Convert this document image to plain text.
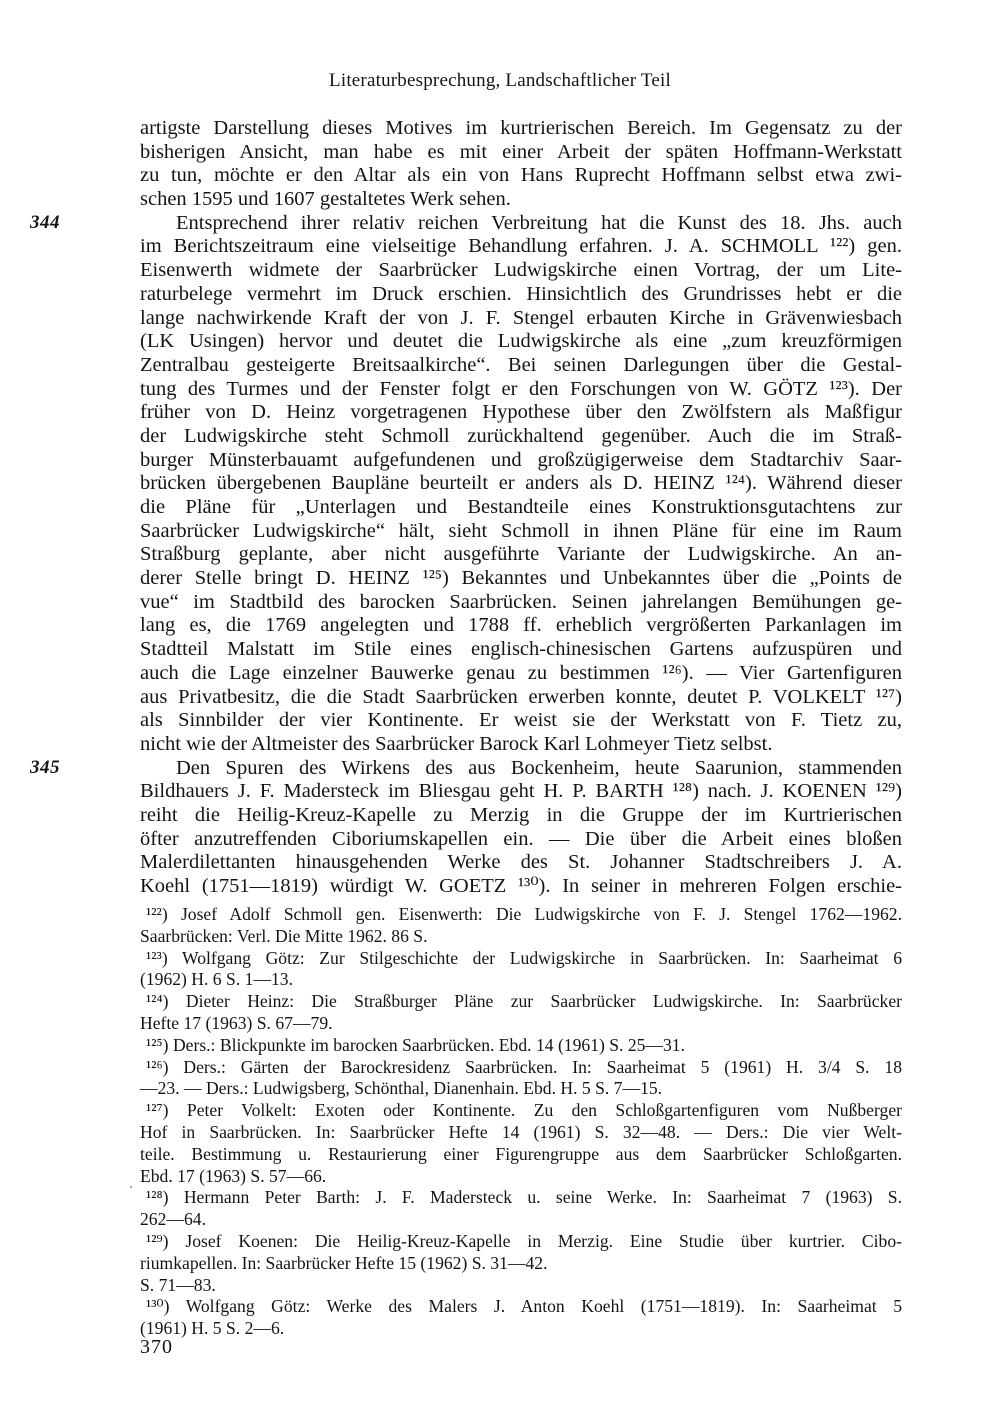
Literaturbesprechung, Landschaftlicher Teil
artigste Darstellung dieses Motives im kurtrierischen Bereich. Im Gegensatz zu der
bisherigen Ansicht, man habe es mit einer Arbeit der späten Hoffmann-Werkstatt
zu tun, möchte er den Altar als ein von Hans Ruprecht Hoffmann selbst etwa zwi-
schen 1595 und 1607 gestaltetes Werk sehen.
344	Entsprechend ihrer relativ reichen Verbreitung hat die Kunst des 18. Jhs. auch
im Berichtszeitraum eine vielseitige Behandlung erfahren. J. A. SCHMOLL ¹²²) gen.
Eisenwerth widmete der Saarbrücker Ludwigskirche einen Vortrag, der um Lite-
raturbelege vermehrt im Druck erschien. Hinsichtlich des Grundrisses hebt er die
lange nachwirkende Kraft der von J. F. Stengel erbauten Kirche in Grävenwiesbach
(LK Usingen) hervor und deutet die Ludwigskirche als eine „zum kreuzförmigen
Zentralbau gesteigerte Breitsaalkirche“. Bei seinen Darlegungen über die Gestal-
tung des Turmes und der Fenster folgt er den Forschungen von W. GÖTZ ¹²³). Der
früher von D. Heinz vorgetragenen Hypothese über den Zwölfstern als Maßfigur
der Ludwigskirche steht Schmoll zurückhaltend gegenüber. Auch die im Straß-
burger Münsterbauamt aufgefundenen und großzügigerweise dem Stadtarchiv Saar-
brücken übergebenen Baupläne beurteilt er anders als D. HEINZ ¹²⁴). Während dieser
die Pläne für „Unterlagen und Bestandteile eines Konstruktionsgutachtens zur
Saarbrücker Ludwigskirche“ hält, sieht Schmoll in ihnen Pläne für eine im Raum
Straßburg geplante, aber nicht ausgeführte Variante der Ludwigskirche. An an-
derer Stelle bringt D. HEINZ ¹²⁵) Bekanntes und Unbekanntes über die „Points de
vue“ im Stadtbild des barocken Saarbrücken. Seinen jahrelangen Bemühungen ge-
lang es, die 1769 angelegten und 1788 ff. erheblich vergrößerten Parkanlagen im
Stadtteil Malstatt im Stile eines englisch-chinesischen Gartens aufzuspüren und
auch die Lage einzelner Bauwerke genau zu bestimmen ¹²⁶). — Vier Gartenfiguren
aus Privatbesitz, die die Stadt Saarbrücken erwerben konnte, deutet P. VOLKELT ¹²⁷)
als Sinnbilder der vier Kontinente. Er weist sie der Werkstatt von F. Tietz zu,
nicht wie der Altmeister des Saarbrücker Barock Karl Lohmeyer Tietz selbst.
345	Den Spuren des Wirkens des aus Bockenheim, heute Saarunion, stammenden
Bildhauers J. F. Madersteck im Bliesgau geht H. P. BARTH ¹²⁸) nach. J. KOENEN ¹²⁹)
reiht die Heilig-Kreuz-Kapelle zu Merzig in die Gruppe der im Kurtrierischen
öfter anzutreffenden Ciboriumskapellen ein. — Die über die Arbeit eines bloßen
Malerdilettanten hinausgehenden Werke des St. Johanner Stadtschreibers J. A.
Koehl (1751—1819) würdigt W. GOETZ ¹³⁰). In seiner in mehreren Folgen erschie-
¹²²) Josef Adolf Schmoll gen. Eisenwerth: Die Ludwigskirche von F. J. Stengel 1762—1962.
Saarbrücken: Verl. Die Mitte 1962. 86 S.
¹²³) Wolfgang Götz: Zur Stilgeschichte der Ludwigskirche in Saarbrücken. In: Saarheimat 6
(1962) H. 6 S. 1—13.
¹²⁴) Dieter Heinz: Die Straßburger Pläne zur Saarbrücker Ludwigskirche. In: Saarbrücker
Hefte 17 (1963) S. 67—79.
¹²⁵) Ders.: Blickpunkte im barocken Saarbrücken. Ebd. 14 (1961) S. 25—31.
¹²⁶) Ders.: Gärten der Barockresidenz Saarbrücken. In: Saarheimat 5 (1961) H. 3/4 S. 18
—23. — Ders.: Ludwigsberg, Schönthal, Dianenhain. Ebd. H. 5 S. 7—15.
¹²⁷) Peter Volkelt: Exoten oder Kontinente. Zu den Schloßgartenfiguren vom Nußberger
Hof in Saarbrücken. In: Saarbrücker Hefte 14 (1961) S. 32—48. — Ders.: Die vier Welt-
teile. Bestimmung u. Restaurierung einer Figurengruppe aus dem Saarbrücker Schloßgarten.
Ebd. 17 (1963) S. 57—66.
¹²⁸) Hermann Peter Barth: J. F. Madersteck u. seine Werke. In: Saarheimat 7 (1963) S.
262—64.
¹²⁹) Josef Koenen: Die Heilig-Kreuz-Kapelle in Merzig. Eine Studie über kurtrier. Cibo-
riumkapellen. In: Saarbrücker Hefte 15 (1962) S. 31—42.
S. 71—83.
¹³⁰) Wolfgang Götz: Werke des Malers J. Anton Koehl (1751—1819). In: Saarheimat 5
(1961) H. 5 S. 2—6.
370
